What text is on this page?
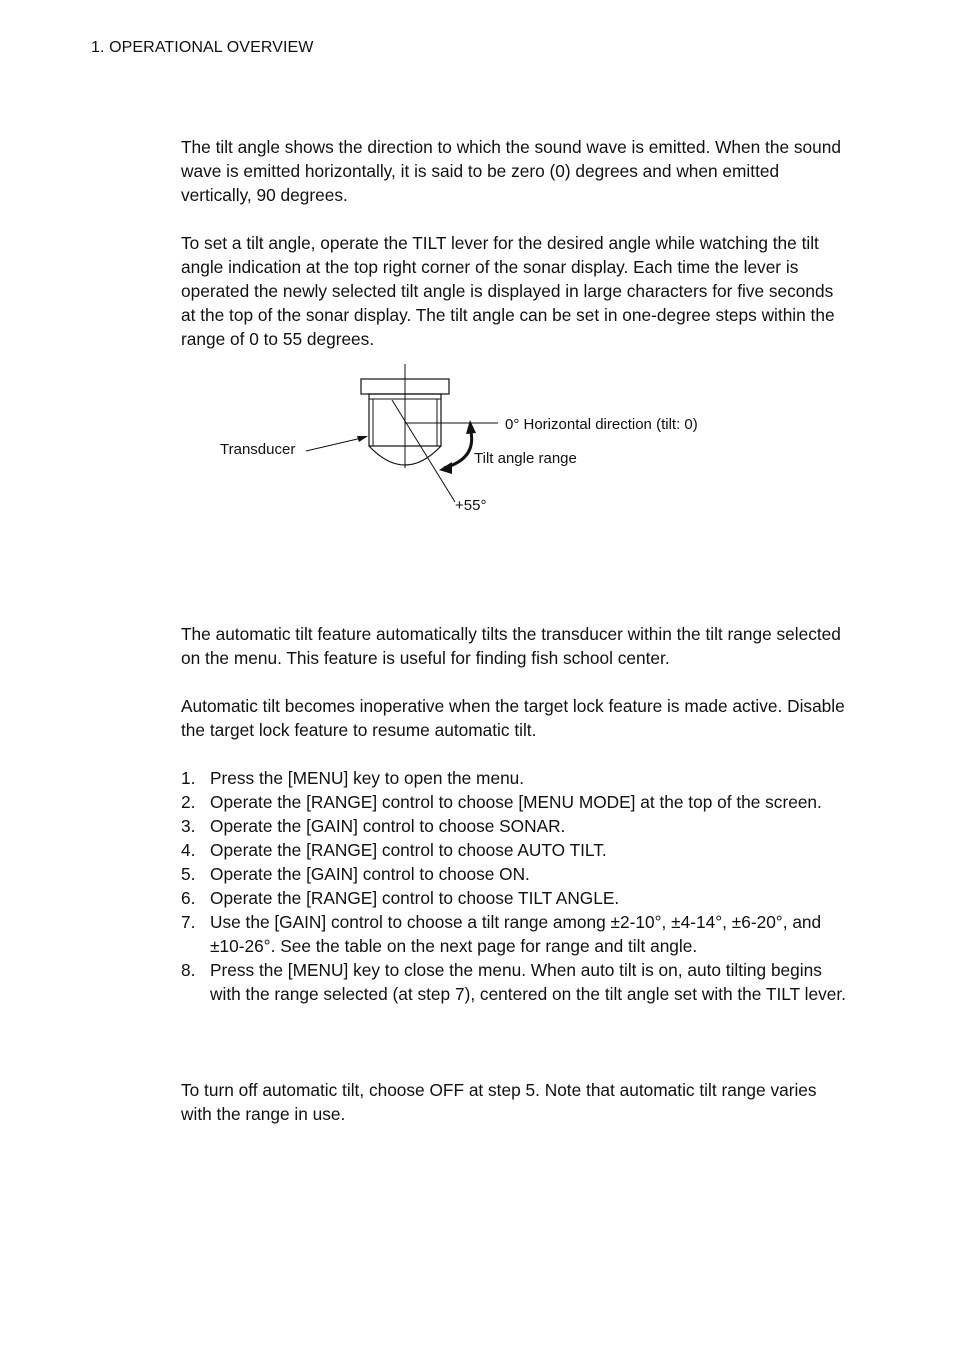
1. OPERATIONAL OVERVIEW

The tilt angle shows the direction to which the sound wave is emitted. When the sound wave is emitted horizontally, it is said to be zero (0) degrees and when emitted vertically, 90 degrees.

To set a tilt angle, operate the TILT lever for the desired angle while watching the tilt angle indication at the top right corner of the sonar display. Each time the lever is operated the newly selected tilt angle is displayed in large characters for five seconds at the top of the sonar display. The tilt angle can be set in one-degree steps within the range of 0 to 55 degrees.

Transducer
0° Horizontal direction (tilt: 0)
Tilt angle range
+55°

The automatic tilt feature automatically tilts the transducer within the tilt range selected on the menu. This feature is useful for finding fish school center.

Automatic tilt becomes inoperative when the target lock feature is made active. Disable the target lock feature to resume automatic tilt.

1. Press the [MENU] key to open the menu.
2. Operate the [RANGE] control to choose [MENU MODE] at the top of the screen.
3. Operate the [GAIN] control to choose SONAR.
4. Operate the [RANGE] control to choose AUTO TILT.
5. Operate the [GAIN] control to choose ON.
6. Operate the [RANGE] control to choose TILT ANGLE.
7. Use the [GAIN] control to choose a tilt range among ±2-10°, ±4-14°, ±6-20°, and ±10-26°. See the table on the next page for range and tilt angle.
8. Press the [MENU] key to close the menu. When auto tilt is on, auto tilting begins with the range selected (at step 7), centered on the tilt angle set with the TILT lever.

To turn off automatic tilt, choose OFF at step 5. Note that automatic tilt range varies with the range in use.
